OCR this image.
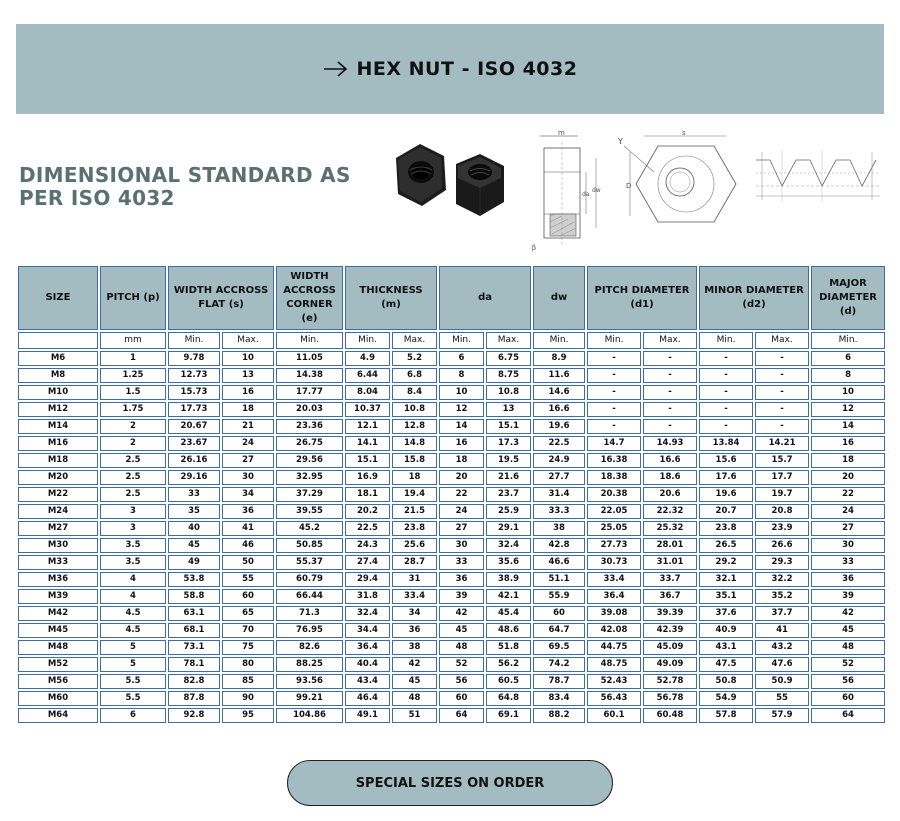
HEX NUT - ISO 4032
DIMENSIONAL STANDARD AS PER ISO 4032
m
da
dw
β
s
Y
D
SIZE	PITCH (p)	WIDTH ACCROSS FLAT (s)		WIDTH ACCROSS CORNER (e)	THICKNESS (m)		da		dw	PITCH DIAMETER (d1)		MINOR DIAMETER (d2)		MAJOR DIAMETER (d)
	mm	Min.	Max.	Min.	Min.	Max.	Min.	Max.	Min.	Min.	Max.	Min.	Max.	Min.
M6	1	9.78	10	11.05	4.9	5.2	6	6.75	8.9	-	-	-	-	6
M8	1.25	12.73	13	14.38	6.44	6.8	8	8.75	11.6	-	-	-	-	8
M10	1.5	15.73	16	17.77	8.04	8.4	10	10.8	14.6	-	-	-	-	10
M12	1.75	17.73	18	20.03	10.37	10.8	12	13	16.6	-	-	-	-	12
M14	2	20.67	21	23.36	12.1	12.8	14	15.1	19.6	-	-	-	-	14
M16	2	23.67	24	26.75	14.1	14.8	16	17.3	22.5	14.7	14.93	13.84	14.21	16
M18	2.5	26.16	27	29.56	15.1	15.8	18	19.5	24.9	16.38	16.6	15.6	15.7	18
M20	2.5	29.16	30	32.95	16.9	18	20	21.6	27.7	18.38	18.6	17.6	17.7	20
M22	2.5	33	34	37.29	18.1	19.4	22	23.7	31.4	20.38	20.6	19.6	19.7	22
M24	3	35	36	39.55	20.2	21.5	24	25.9	33.3	22.05	22.32	20.7	20.8	24
M27	3	40	41	45.2	22.5	23.8	27	29.1	38	25.05	25.32	23.8	23.9	27
M30	3.5	45	46	50.85	24.3	25.6	30	32.4	42.8	27.73	28.01	26.5	26.6	30
M33	3.5	49	50	55.37	27.4	28.7	33	35.6	46.6	30.73	31.01	29.2	29.3	33
M36	4	53.8	55	60.79	29.4	31	36	38.9	51.1	33.4	33.7	32.1	32.2	36
M39	4	58.8	60	66.44	31.8	33.4	39	42.1	55.9	36.4	36.7	35.1	35.2	39
M42	4.5	63.1	65	71.3	32.4	34	42	45.4	60	39.08	39.39	37.6	37.7	42
M45	4.5	68.1	70	76.95	34.4	36	45	48.6	64.7	42.08	42.39	40.9	41	45
M48	5	73.1	75	82.6	36.4	38	48	51.8	69.5	44.75	45.09	43.1	43.2	48
M52	5	78.1	80	88.25	40.4	42	52	56.2	74.2	48.75	49.09	47.5	47.6	52
M56	5.5	82.8	85	93.56	43.4	45	56	60.5	78.7	52.43	52.78	50.8	50.9	56
M60	5.5	87.8	90	99.21	46.4	48	60	64.8	83.4	56.43	56.78	54.9	55	60
M64	6	92.8	95	104.86	49.1	51	64	69.1	88.2	60.1	60.48	57.8	57.9	64
SPECIAL SIZES ON ORDER
